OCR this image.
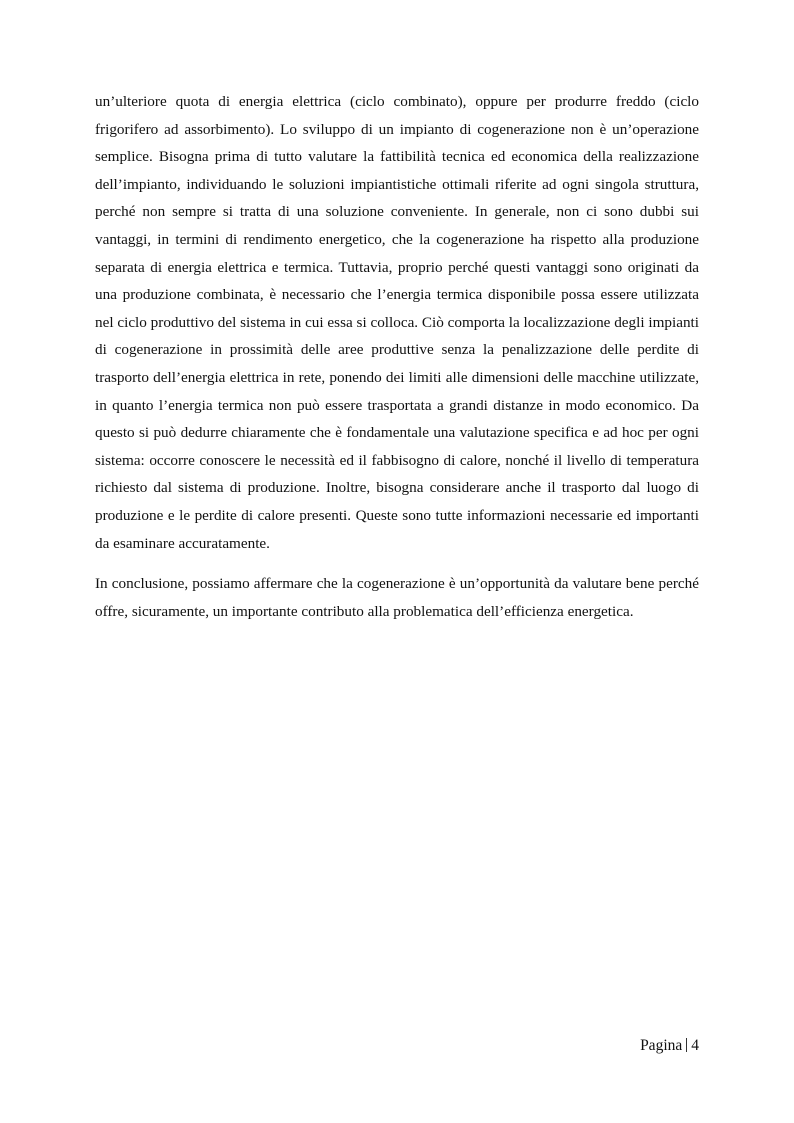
un’ulteriore quota di energia elettrica (ciclo combinato), oppure per produrre freddo (ciclo frigorifero ad assorbimento). Lo sviluppo di un impianto di cogenerazione non è un’operazione semplice. Bisogna prima di tutto valutare la fattibilità tecnica ed economica della realizzazione dell’impianto, individuando le soluzioni impiantistiche ottimali riferite ad ogni singola struttura, perché non sempre si tratta di una soluzione conveniente. In generale, non ci sono dubbi sui vantaggi, in termini di rendimento energetico, che la cogenerazione ha rispetto alla produzione separata di energia elettrica e termica. Tuttavia, proprio perché questi vantaggi sono originati da una produzione combinata, è necessario che l’energia termica disponibile possa essere utilizzata nel ciclo produttivo del sistema in cui essa si colloca. Ciò comporta la localizzazione degli impianti di cogenerazione in prossimità delle aree produttive senza la penalizzazione delle perdite di trasporto dell’energia elettrica in rete, ponendo dei limiti alle dimensioni delle macchine utilizzate, in quanto l’energia termica non può essere trasportata a grandi distanze in modo economico. Da questo si può dedurre chiaramente che è fondamentale una valutazione specifica e ad hoc per ogni sistema: occorre conoscere le necessità ed il fabbisogno di calore, nonché il livello di temperatura richiesto dal sistema di produzione. Inoltre, bisogna considerare anche il trasporto dal luogo di produzione e le perdite di calore presenti. Queste sono tutte informazioni necessarie ed importanti da esaminare accuratamente.

In conclusione, possiamo affermare che la cogenerazione è un’opportunità da valutare bene perché offre, sicuramente, un importante contributo alla problematica dell’efficienza energetica.

Pagina 4
